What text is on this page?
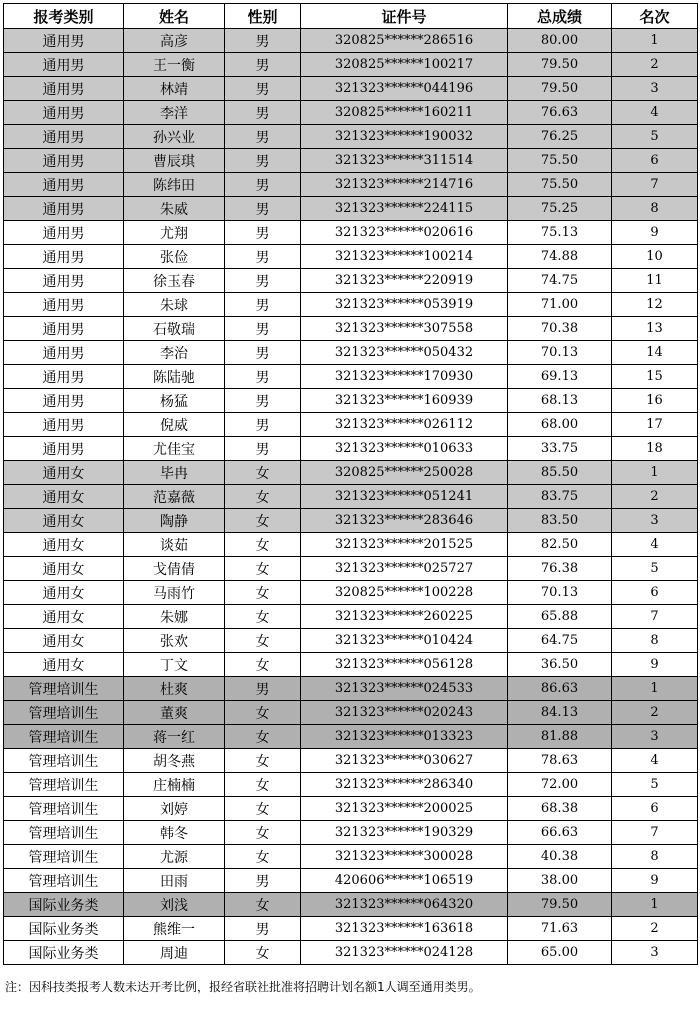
报考类别	姓名	性别	证件号	总成绩	名次
通用男	高彦	男	320825******286516	80.00	1
通用男	王一衡	男	320825******100217	79.50	2
通用男	林靖	男	321323******044196	79.50	3
通用男	李洋	男	320825******160211	76.63	4
通用男	孙兴业	男	321323******190032	76.25	5
通用男	曹辰琪	男	321323******311514	75.50	6
通用男	陈纬田	男	321323******214716	75.50	7
通用男	朱威	男	321323******224115	75.25	8
通用男	尤翔	男	321323******020616	75.13	9
通用男	张俭	男	321323******100214	74.88	10
通用男	徐玉春	男	321323******220919	74.75	11
通用男	朱球	男	321323******053919	71.00	12
通用男	石敬瑞	男	321323******307558	70.38	13
通用男	李治	男	321323******050432	70.13	14
通用男	陈陆驰	男	321323******170930	69.13	15
通用男	杨猛	男	321323******160939	68.13	16
通用男	倪威	男	321323******026112	68.00	17
通用男	尤佳宝	男	321323******010633	33.75	18
通用女	毕冉	女	320825******250028	85.50	1
通用女	范嘉薇	女	321323******051241	83.75	2
通用女	陶静	女	321323******283646	83.50	3
通用女	谈茹	女	321323******201525	82.50	4
通用女	戈倩倩	女	321323******025727	76.38	5
通用女	马雨竹	女	320825******100228	70.13	6
通用女	朱娜	女	321323******260225	65.88	7
通用女	张欢	女	321323******010424	64.75	8
通用女	丁文	女	321323******056128	36.50	9
管理培训生	杜爽	男	321323******024533	86.63	1
管理培训生	董爽	女	321323******020243	84.13	2
管理培训生	蒋一红	女	321323******013323	81.88	3
管理培训生	胡冬燕	女	321323******030627	78.63	4
管理培训生	庄楠楠	女	321323******286340	72.00	5
管理培训生	刘婷	女	321323******200025	68.38	6
管理培训生	韩冬	女	321323******190329	66.63	7
管理培训生	尤源	女	321323******300028	40.38	8
管理培训生	田雨	男	420606******106519	38.00	9
国际业务类	刘浅	女	321323******064320	79.50	1
国际业务类	熊维一	男	321323******163618	71.63	2
国际业务类	周迪	女	321323******024128	65.00	3
注：因科技类报考人数未达开考比例，报经省联社批准将招聘计划名额1人调至通用类男。
